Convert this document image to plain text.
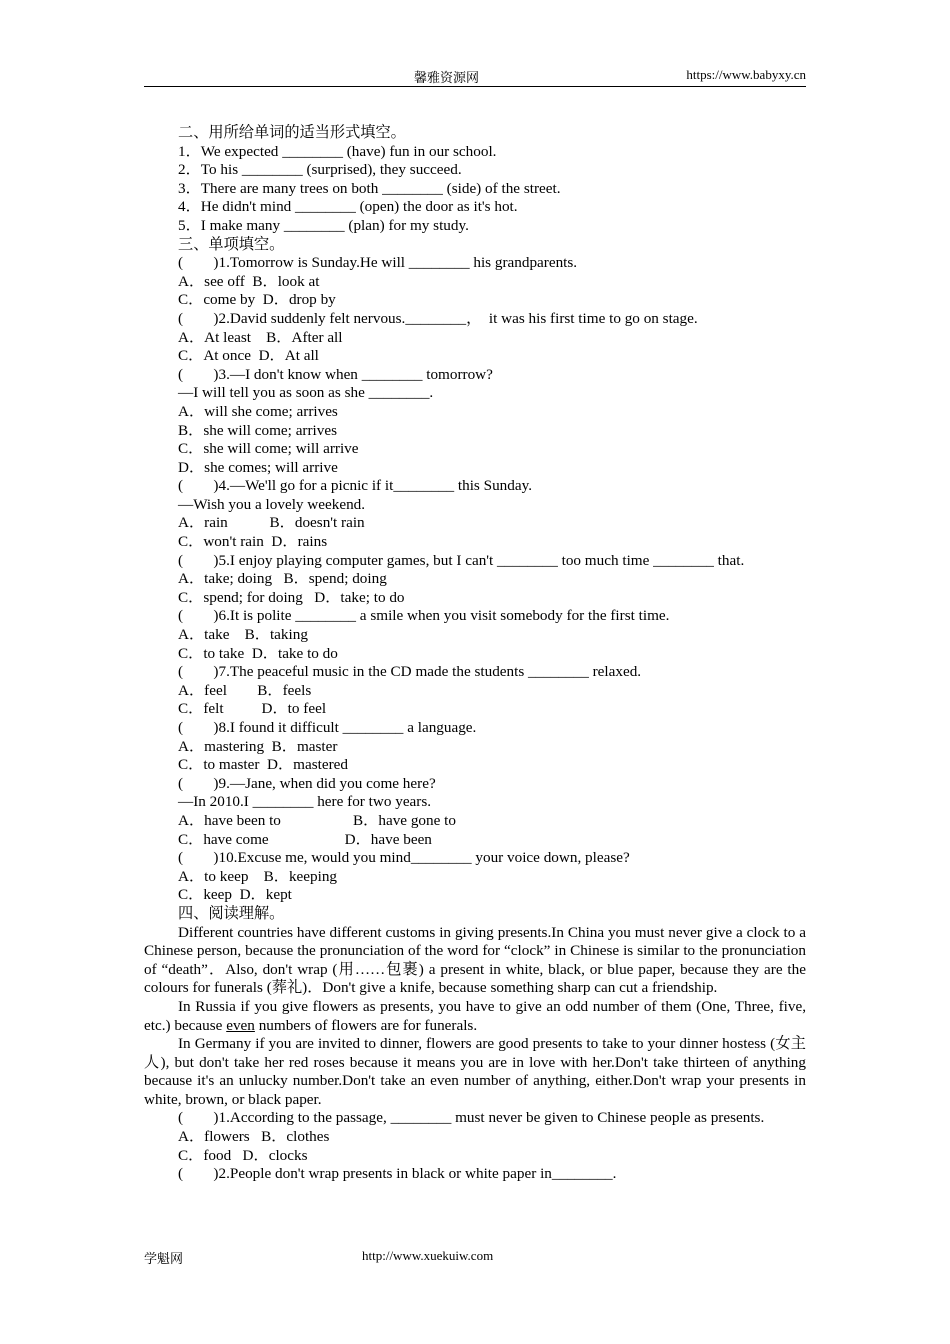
馨雅资源网	https://www.babyxy.cn
二、用所给单词的适当形式填空。
1．We expected ________ (have) fun in our school.
2．To his ________ (surprised), they succeed.
3．There are many trees on both ________ (side) of the street.
4．He didn't mind ________ (open) the door as it's hot.
5．I make many ________ (plan) for my study.
三、单项填空。
(　　)1.Tomorrow is Sunday.He will ________ his grandparents.
A．see off  B．look at
C．come by  D．drop by
(　　)2.David suddenly felt nervous.________，  it was his first time to go on stage.
A．At least    B．After all
C．At once  D．At all
(　　)3.—I don't know when ________ tomorrow?
—I will tell you as soon as she ________.
A．will she come; arrives
B．she will come; arrives
C．she will come; will arrive
D．she comes; will arrive
(　　)4.—We'll go for a picnic if it________ this Sunday.
—Wish you a lovely weekend.
A．rain           B．doesn't rain
C．won't rain  D．rains
(　　)5.I enjoy playing computer games, but I can't ________ too much time ________ that.
A．take; doing   B．spend; doing
C．spend; for doing   D．take; to do
(　　)6.It is polite ________ a smile when you visit somebody for the first time.
A．take    B．taking
C．to take  D．take to do
(　　)7.The peaceful music in the CD made the students ________ relaxed.
A．feel        B．feels
C．felt          D．to feel
(　　)8.I found it difficult ________ a language.
A．mastering  B．master
C．to master  D．mastered
(　　)9.—Jane, when did you come here?
—In 2010.I ________ here for two years.
A．have been to                   B．have gone to
C．have come                    D．have been
(　　)10.Excuse me, would you mind________ your voice down, please?
A．to keep    B．keeping
C．keep  D．kept
四、阅读理解。

Different countries have different customs in giving presents.In China you must never give a clock to a Chinese person, because the pronunciation of the word for “clock” in Chinese is similar to the pronunciation of “death”．Also, don't wrap (用……包裹) a present in white, black, or blue paper, because they are the colours for funerals (葬礼)．Don't give a knife, because something sharp can cut a friendship.

In Russia if you give flowers as presents, you have to give an odd number of them (One, Three, five, etc.) because even numbers of flowers are for funerals.

In Germany if you are invited to dinner, flowers are good presents to take to your dinner hostess (女主人), but don't take her red roses because it means you are in love with her.Don't take thirteen of anything because it's an unlucky number.Don't take an even number of anything, either.Don't wrap your presents in white, brown, or black paper.

(　　)1.According to the passage, ________ must never be given to Chinese people as presents.

A．flowers   B．clothes
C．food   D．clocks
(　　)2.People don't wrap presents in black or white paper in________.
学魁网	http://www.xuekuiw.com
